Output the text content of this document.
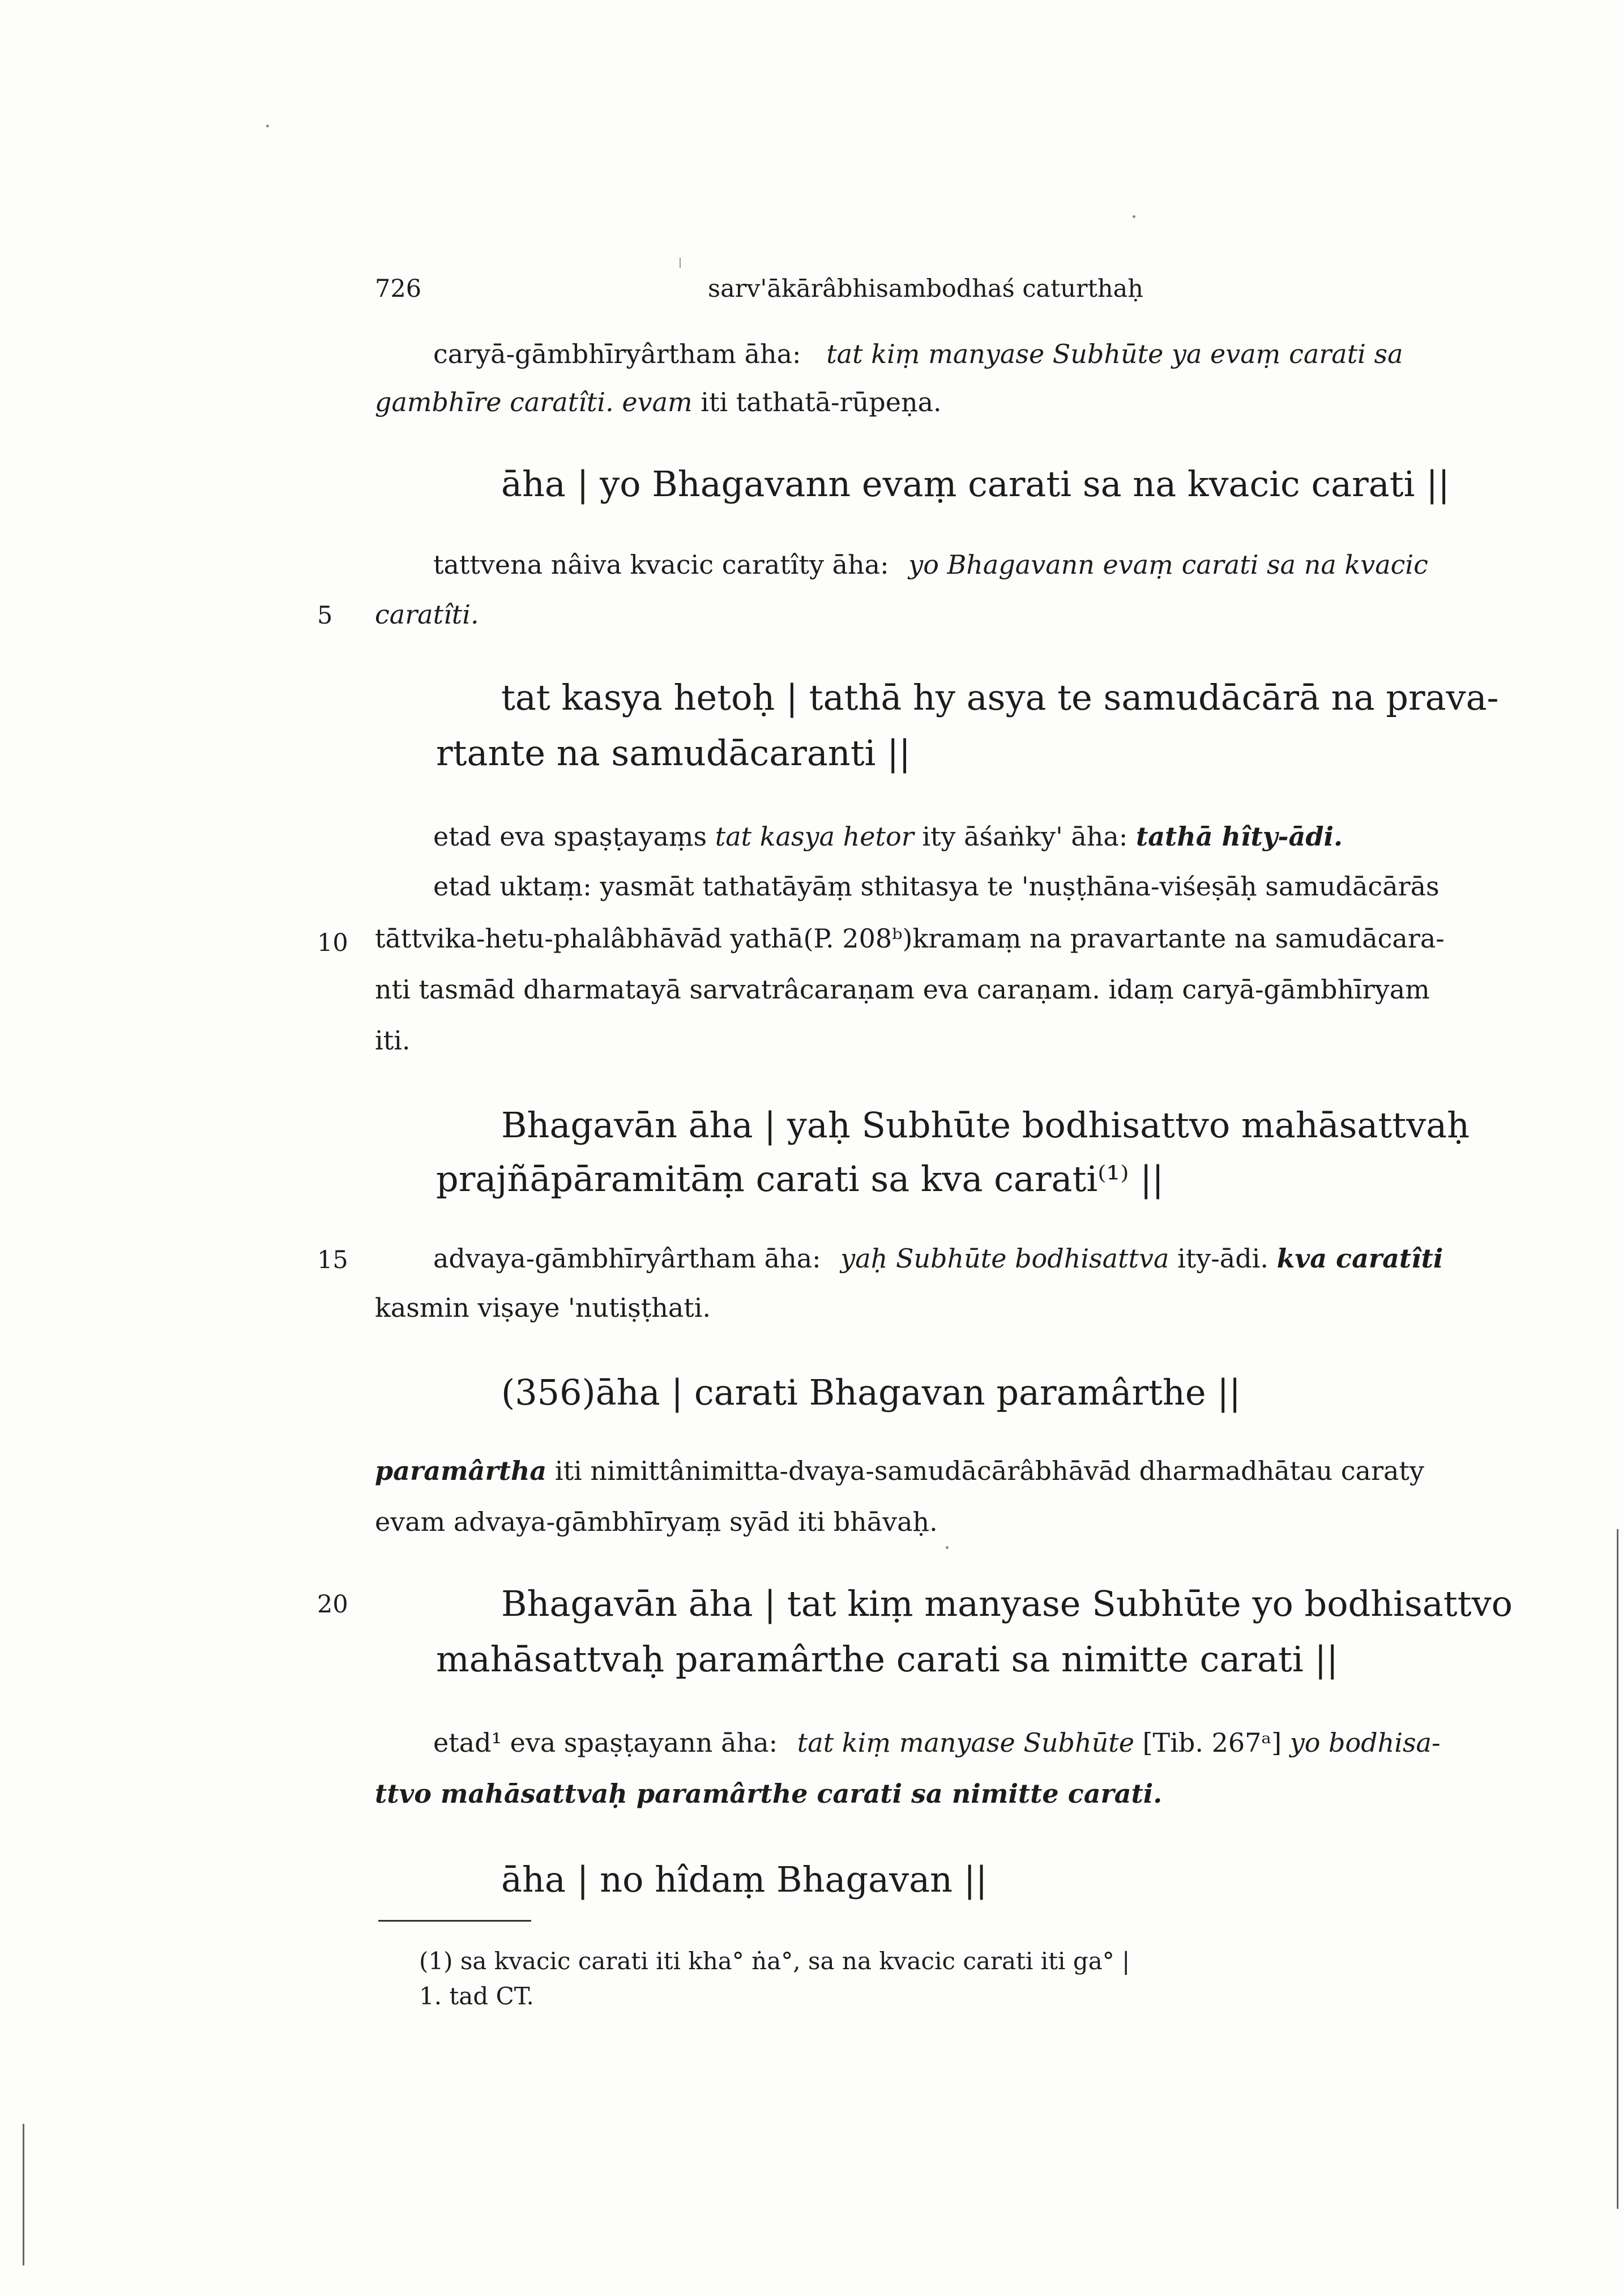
726	sarv'ākārâbhisambodhaś caturthaḥ
caryā-gāmbhīryârtham āha: tat kiṃ manyase Subhūte ya evaṃ carati sa
gambhīre caratîti. evam iti tathatā-rūpeṇa.
āha | yo Bhagavann evaṃ carati sa na kvacic carati ||
tattvena nâiva kvacic caratîty āha: yo Bhagavann evaṃ carati sa na kvacic
5 caratîti.
tat kasya hetoḥ | tathā hy asya te samudācārā na prava-
rtante na samudācaranti ||
etad eva spaṣṭayaṃs tat kasya hetor ity āśaṅky' āha: tathā hîty-ādi.
etad uktaṃ: yasmāt tathatāyāṃ sthitasya te 'nuṣṭhāna-viśeṣāḥ samudācārās
10 tāttvika-hetu-phalâbhāvād yathā(P. 208ᵇ)kramaṃ na pravartante na samudācara-
nti tasmād dharmatayā sarvatrâcaraṇam eva caraṇam. idaṃ caryā-gāmbhīryam
iti.
Bhagavān āha | yaḥ Subhūte bodhisattvo mahāsattvaḥ
prajñāpāramitāṃ carati sa kva carati⁽¹⁾ ||
15	advaya-gāmbhīryârtham āha: yaḥ Subhūte bodhisattva ity-ādi. kva caratîti
kasmin viṣaye 'nutiṣṭhati.
(356)āha | carati Bhagavan paramârthe ||
paramârtha iti nimittânimitta-dvaya-samudācārâbhāvād dharmadhātau caraty
evam advaya-gāmbhīryaṃ syād iti bhāvaḥ.
20	Bhagavān āha | tat kiṃ manyase Subhūte yo bodhisattvo
mahāsattvaḥ paramârthe carati sa nimitte carati ||
etad¹ eva spaṣṭayann āha: tat kiṃ manyase Subhūte [Tib. 267ᵃ] yo bodhisa-
ttvo mahāsattvaḥ paramârthe carati sa nimitte carati.
āha | no hîdaṃ Bhagavan ||
(1) sa kvacic carati iti kha° ṅa°, sa na kvacic carati iti ga° |
1. tad CT.
